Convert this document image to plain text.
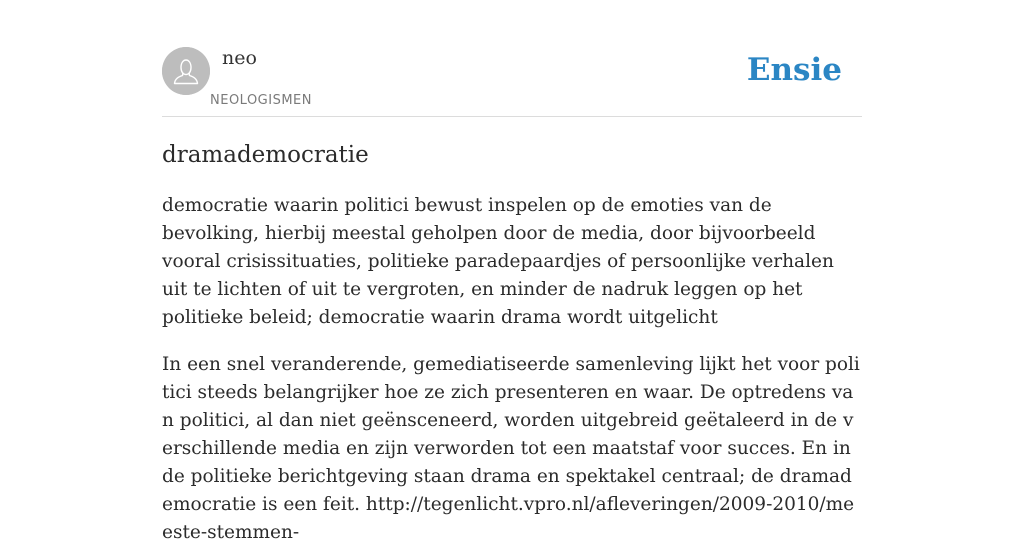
neo
NEOLOGISMEN
Ensie
dramademocratie

democratie waarin politici bewust inspelen op de emoties van de bevolking, hierbij meestal geholpen door de media, door bijvoorbeeld vooral crisissituaties, politieke paradepaardjes of persoonlijke verhalen uit te lichten of uit te vergroten, en minder de nadruk leggen op het politieke beleid; democratie waarin drama wordt uitgelicht

In een snel veranderende, gemediatiseerde samenleving lijkt het voor politici steeds belangrijker hoe ze zich presenteren en waar. De optredens van politici, al dan niet geënsceneerd, worden uitgebreid geëtaleerd in de verschillende media en zijn verworden tot een maatstaf voor succes. En in de politieke berichtgeving staan drama en spektakel centraal; de dramademocratie is een feit. http://tegenlicht.vpro.nl/afleveringen/2009-2010/meeste-stemmen-
